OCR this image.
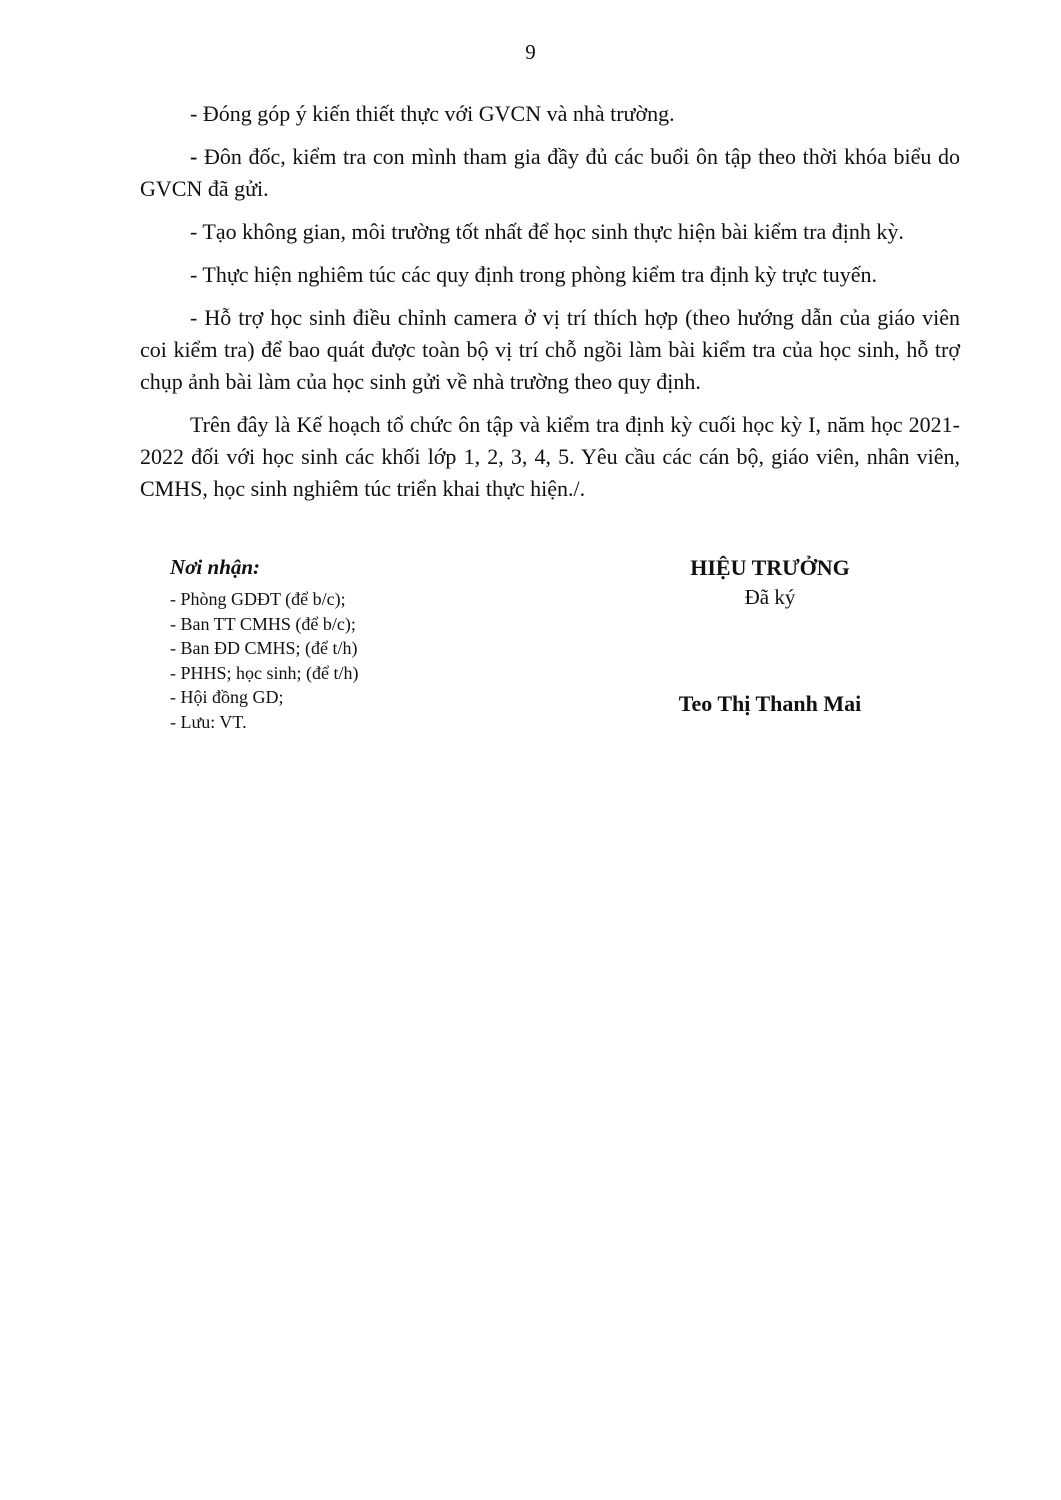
9

- Đóng góp ý kiến thiết thực với GVCN và nhà trường.

- Đôn đốc, kiểm tra con mình tham gia đầy đủ các buổi ôn tập theo thời khóa biểu do GVCN đã gửi.

- Tạo không gian, môi trường tốt nhất để học sinh thực hiện bài kiểm tra định kỳ.

- Thực hiện nghiêm túc các quy định trong phòng kiểm tra định kỳ trực tuyến.

- Hỗ trợ học sinh điều chỉnh camera ở vị trí thích hợp (theo hướng dẫn của giáo viên coi kiểm tra) để bao quát được toàn bộ vị trí chỗ ngồi làm bài kiểm tra của học sinh, hỗ trợ chụp ảnh bài làm của học sinh gửi về nhà trường theo quy định.

Trên đây là Kế hoạch tổ chức ôn tập và kiểm tra định kỳ cuối học kỳ I, năm học 2021-2022 đối với học sinh các khối lớp 1, 2, 3, 4, 5. Yêu cầu các cán bộ, giáo viên, nhân viên, CMHS, học sinh nghiêm túc triển khai thực hiện./.

Nơi nhận:

- Phòng GDĐT (để b/c);
- Ban TT CMHS (để b/c);
- Ban ĐD CMHS; (để t/h)
- PHHS; học sinh; (để t/h)
- Hội đồng GD;
- Lưu: VT.

HIỆU TRƯỞNG

Đã ký

Teo Thị Thanh Mai
